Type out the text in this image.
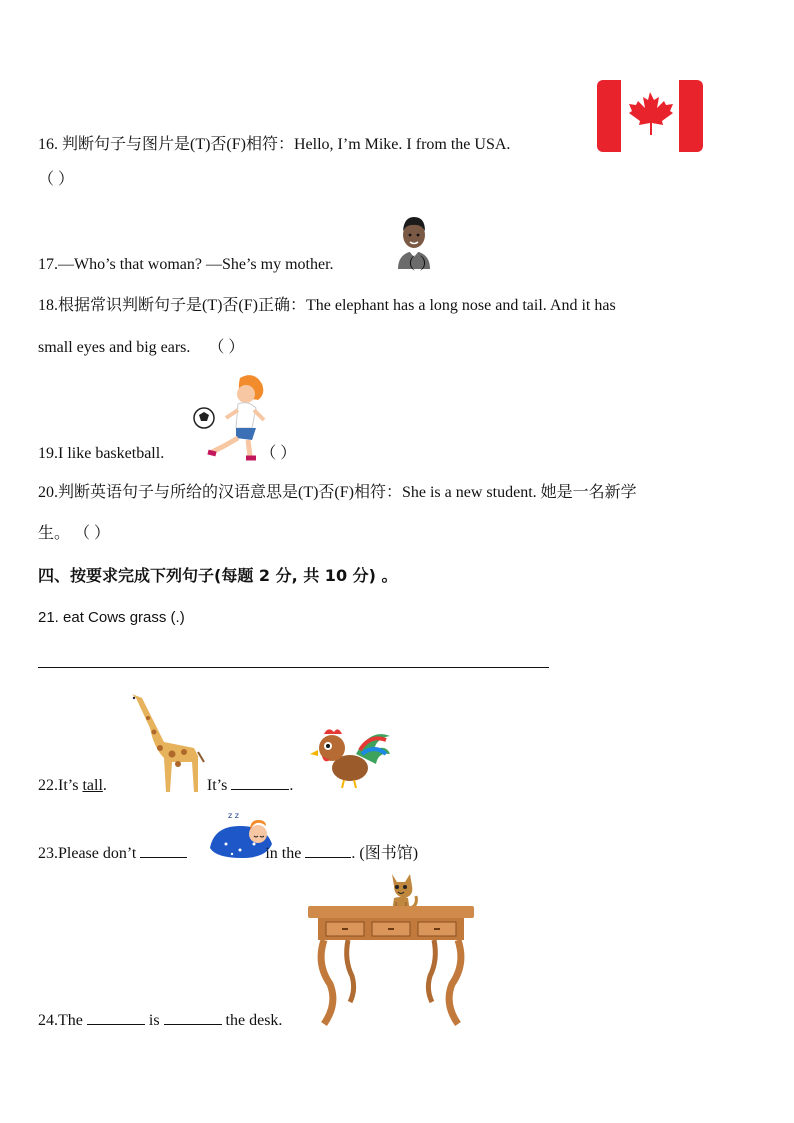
16. 判断句子与图片是(T)否(F)相符：Hello, I’m Mike. I from the USA.
（ ）
17.—Who’s that woman? —She’s my mother.	（ ）
18.根据常识判断句子是(T)否(F)正确：The elephant has a long nose and tail. And it has
small eyes and big ears. （ ）
19.I like basketball.	（ ）
20.判断英语句子与所给的汉语意思是(T)否(F)相符：She is a new student. 她是一名新学
生。 （ ）
四、按要求完成下列句子(每题 2 分, 共 10 分) 。
21. eat Cows grass (.)
22.It’s tall.	It’s	.
z z
23.Please don’t	in the	. (图书馆)
24.The	is	the desk.
